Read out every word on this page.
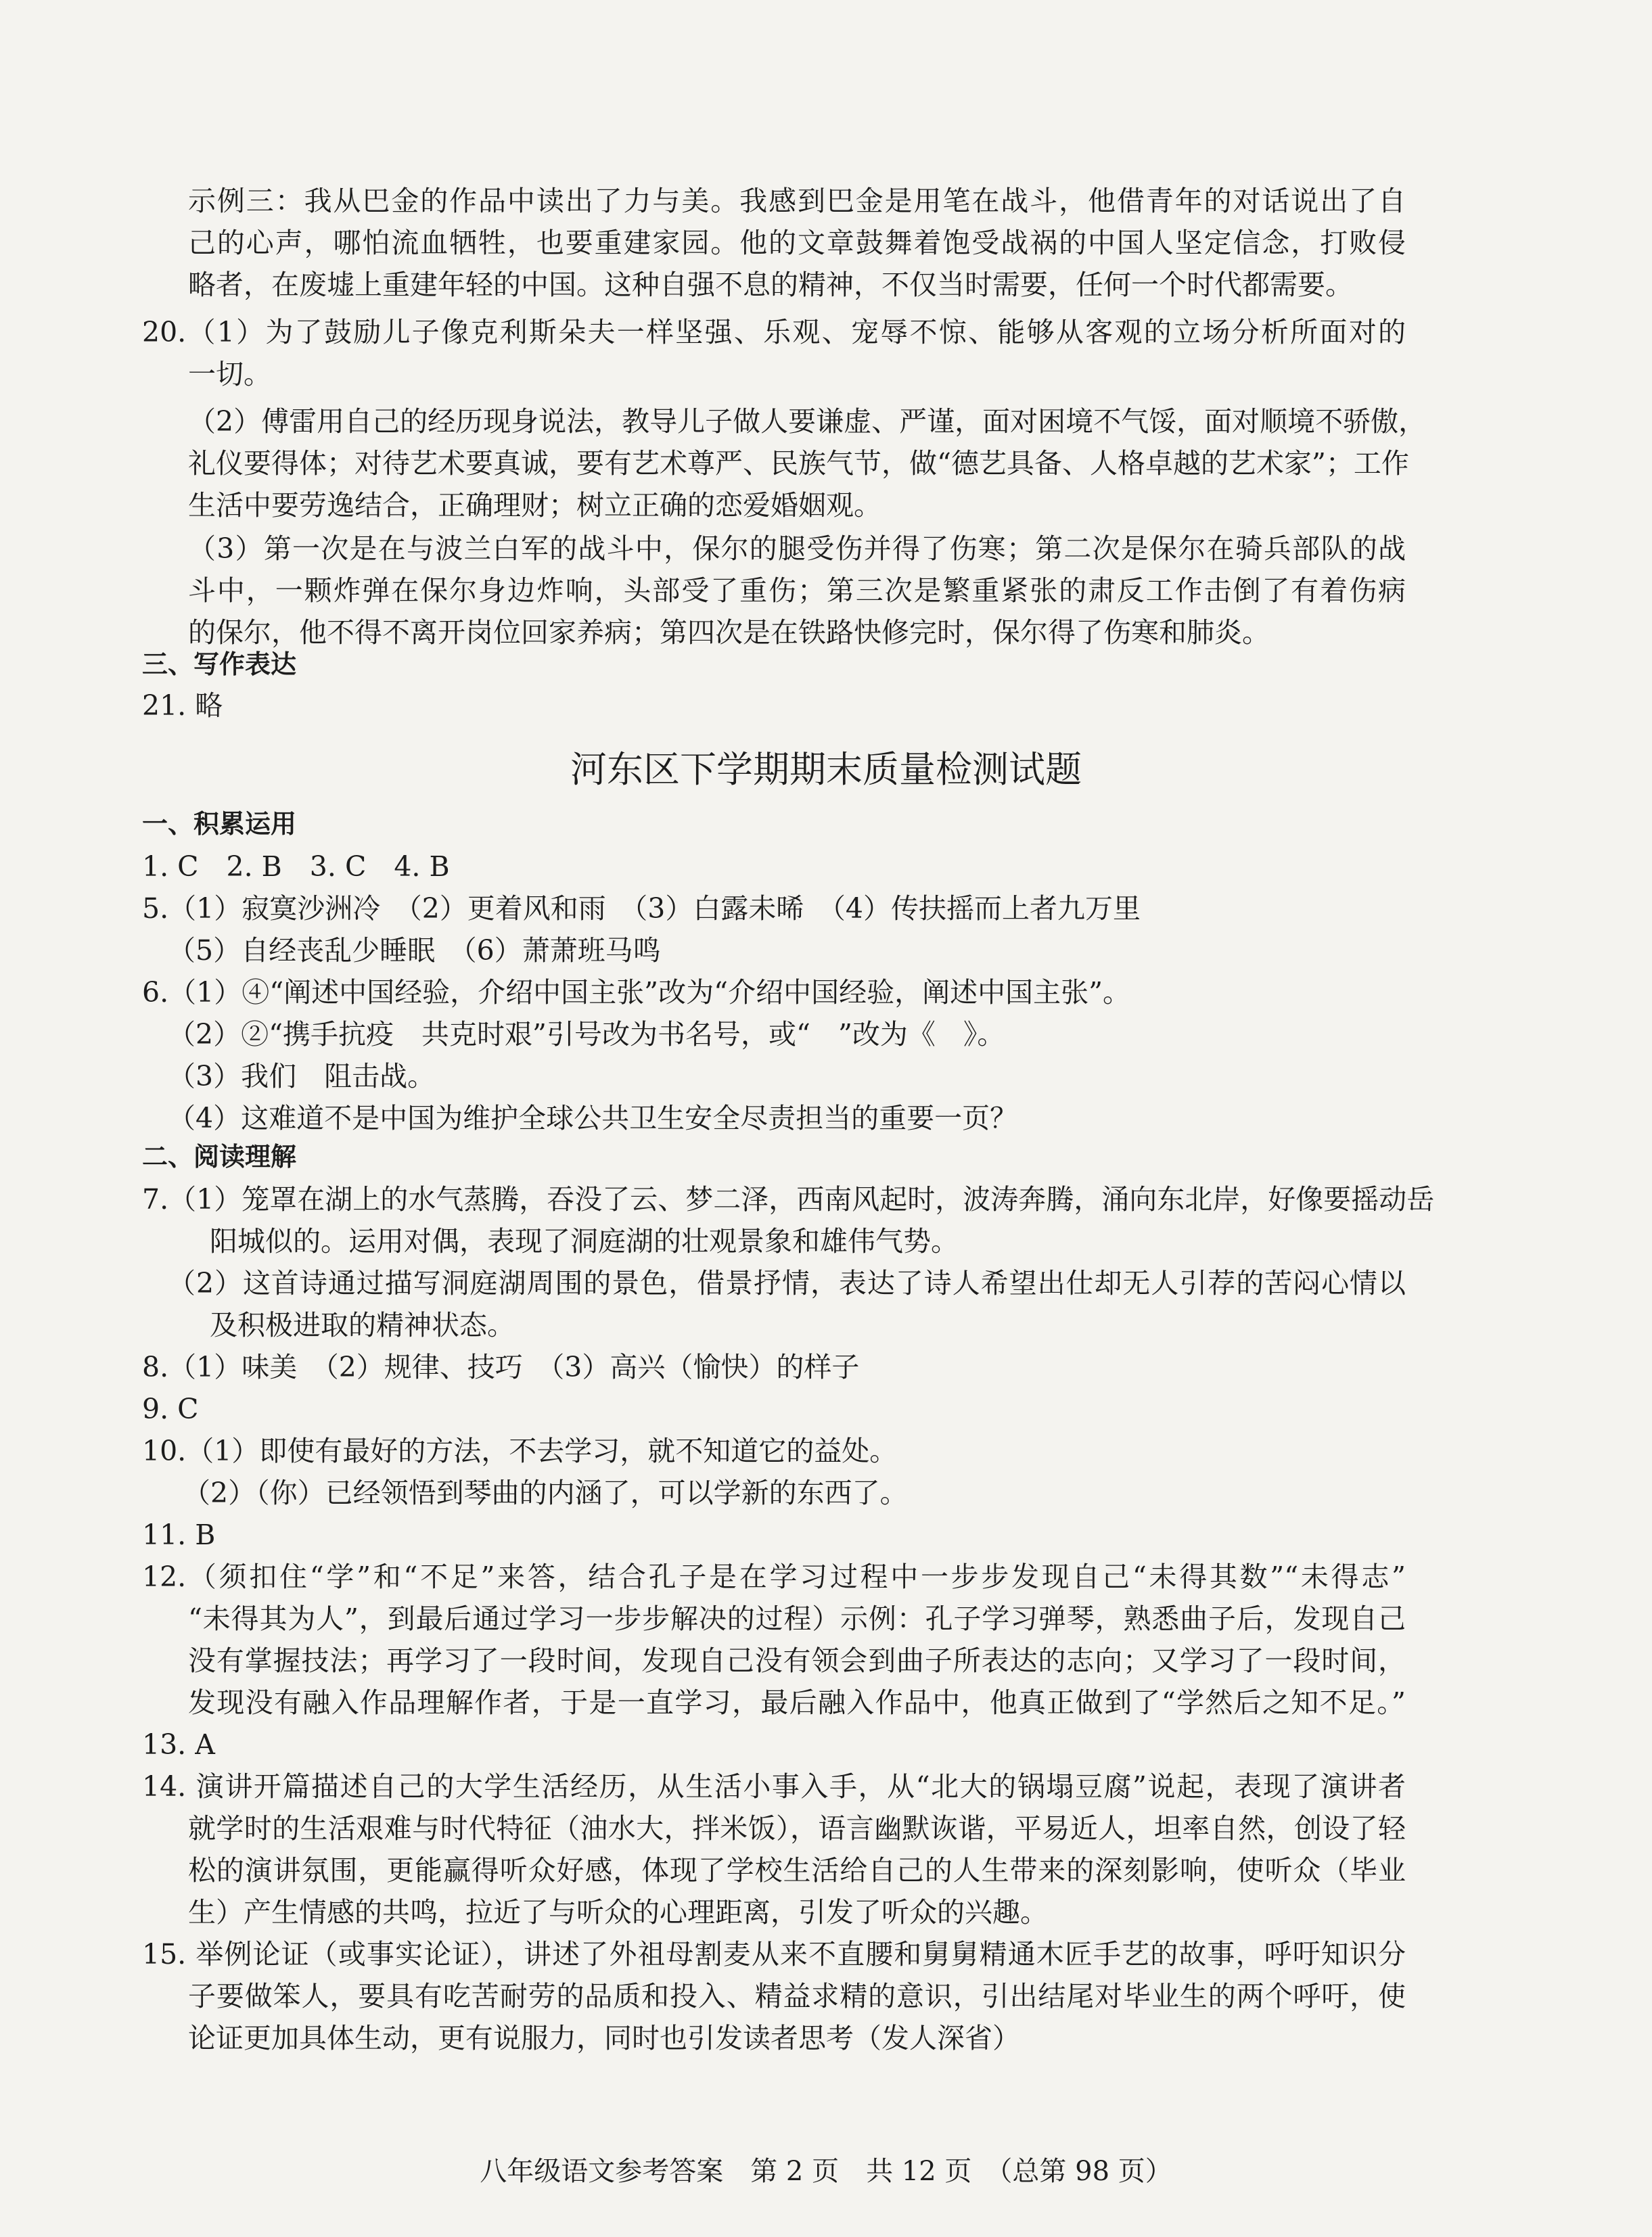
示例三：我从巴金的作品中读出了力与美。我感到巴金是用笔在战斗，他借青年的对话说出了自
己的心声，哪怕流血牺牲，也要重建家园。他的文章鼓舞着饱受战祸的中国人坚定信念，打败侵
略者，在废墟上重建年轻的中国。这种自强不息的精神，不仅当时需要，任何一个时代都需要。
20.（1）为了鼓励儿子像克利斯朵夫一样坚强、乐观、宠辱不惊、能够从客观的立场分析所面对的
一切。
（2）傅雷用自己的经历现身说法，教导儿子做人要谦虚、严谨，面对困境不气馁，面对顺境不骄傲，
礼仪要得体；对待艺术要真诚，要有艺术尊严、民族气节，做“德艺具备、人格卓越的艺术家”；工作
生活中要劳逸结合，正确理财；树立正确的恋爱婚姻观。
（3）第一次是在与波兰白军的战斗中，保尔的腿受伤并得了伤寒；第二次是保尔在骑兵部队的战
斗中，一颗炸弹在保尔身边炸响，头部受了重伤；第三次是繁重紧张的肃反工作击倒了有着伤病
的保尔，他不得不离开岗位回家养病；第四次是在铁路快修完时，保尔得了伤寒和肺炎。
三、写作表达
21. 略
河东区下学期期末质量检测试题
一、积累运用
1. C　2. B　3. C　4. B
5.（1）寂寞沙洲冷　（2）更着风和雨　（3）白露未晞　（4）传扶摇而上者九万里
（5）自经丧乱少睡眠　（6）萧萧班马鸣
6.（1）④“阐述中国经验，介绍中国主张”改为“介绍中国经验，阐述中国主张”。
（2）②“携手抗疫　共克时艰”引号改为书名号，或“　”改为《　》。
（3）我们　阻击战。
（4）这难道不是中国为维护全球公共卫生安全尽责担当的重要一页？
二、阅读理解
7.（1）笼罩在湖上的水气蒸腾，吞没了云、梦二泽，西南风起时，波涛奔腾，涌向东北岸，好像要摇动岳
阳城似的。运用对偶，表现了洞庭湖的壮观景象和雄伟气势。
（2）这首诗通过描写洞庭湖周围的景色，借景抒情，表达了诗人希望出仕却无人引荐的苦闷心情以
及积极进取的精神状态。
8.（1）味美　（2）规律、技巧　（3）高兴（愉快）的样子
9. C
10.（1）即使有最好的方法，不去学习，就不知道它的益处。
（2）（你）已经领悟到琴曲的内涵了，可以学新的东西了。
11. B
12.（须扣住“学”和“不足”来答，结合孔子是在学习过程中一步步发现自己“未得其数”“未得志”
“未得其为人”，到最后通过学习一步步解决的过程）示例：孔子学习弹琴，熟悉曲子后，发现自己
没有掌握技法；再学习了一段时间，发现自己没有领会到曲子所表达的志向；又学习了一段时间，
发现没有融入作品理解作者，于是一直学习，最后融入作品中，他真正做到了“学然后之知不足。”
13. A
14. 演讲开篇描述自己的大学生活经历，从生活小事入手，从“北大的锅塌豆腐”说起，表现了演讲者
就学时的生活艰难与时代特征（油水大，拌米饭），语言幽默诙谐，平易近人，坦率自然，创设了轻
松的演讲氛围，更能赢得听众好感，体现了学校生活给自己的人生带来的深刻影响，使听众（毕业
生）产生情感的共鸣，拉近了与听众的心理距离，引发了听众的兴趣。
15. 举例论证（或事实论证），讲述了外祖母割麦从来不直腰和舅舅精通木匠手艺的故事，呼吁知识分
子要做笨人，要具有吃苦耐劳的品质和投入、精益求精的意识，引出结尾对毕业生的两个呼吁，使
论证更加具体生动，更有说服力，同时也引发读者思考（发人深省）
八年级语文参考答案　第 2 页　共 12 页　（总第 98 页）
